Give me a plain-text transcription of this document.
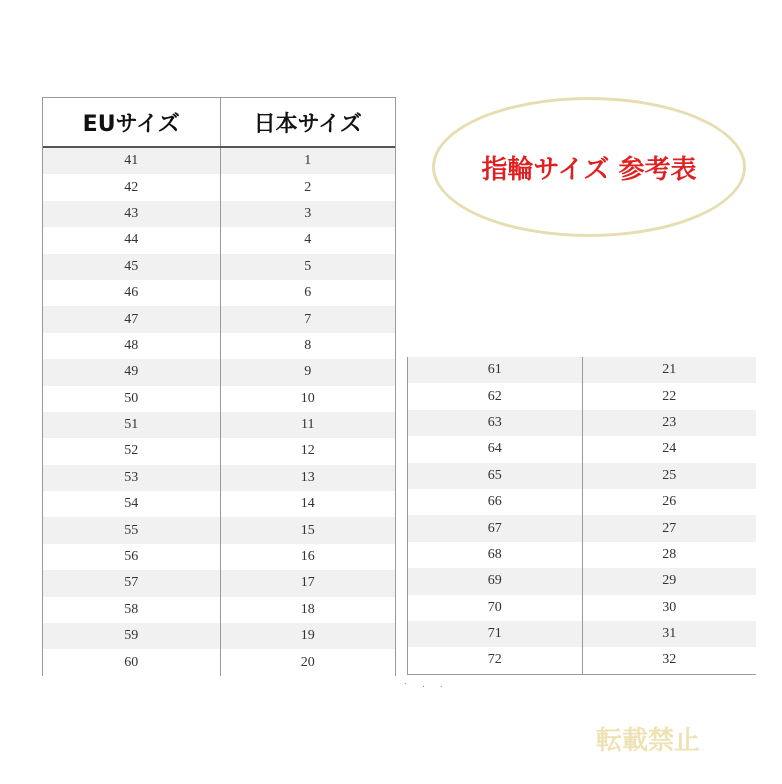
EUサイズ	日本サイズ
41	1
42	2
43	3
44	4
45	5
46	6
47	7
48	8
49	9
50	10
51	11
52	12
53	13
54	14
55	15
56	16
57	17
58	18
59	19
60	20
61	21
62	22
63	23
64	24
65	25
66	26
67	27
68	28
69	29
70	30
71	31
72	32
指輪サイズ 参考表
˙ · ·
転載禁止
